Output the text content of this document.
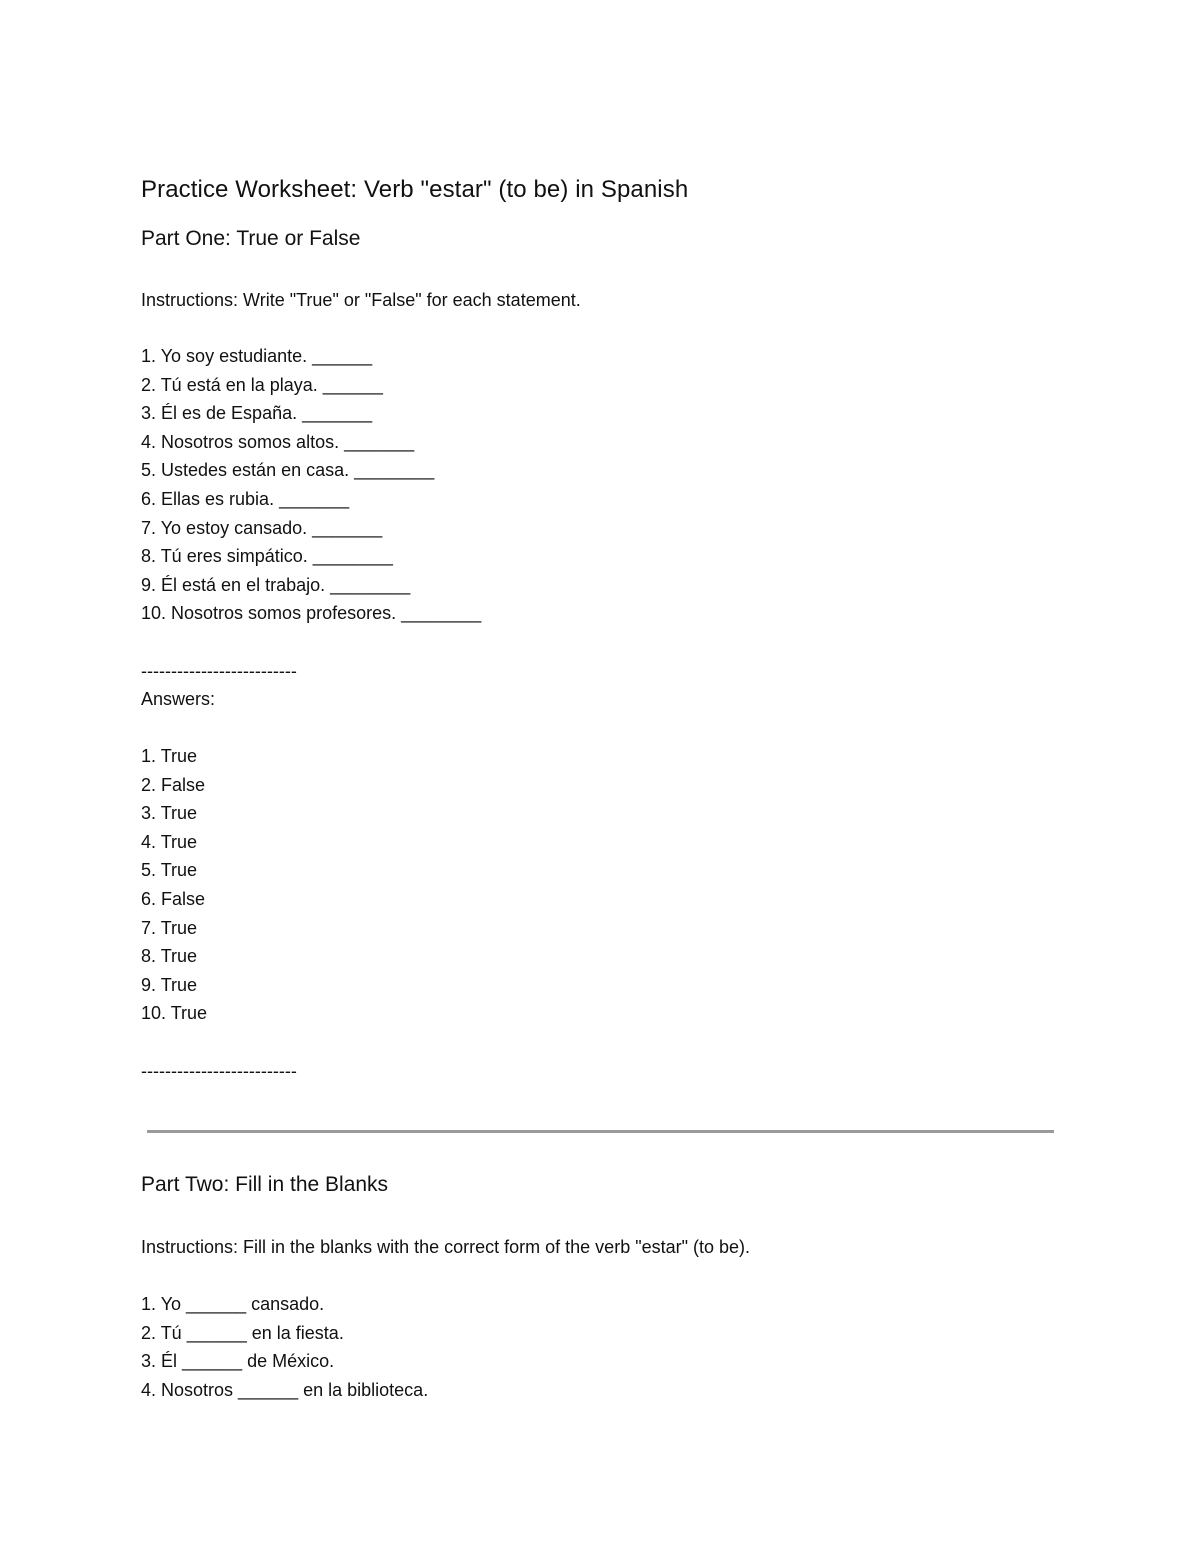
Practice Worksheet: Verb "estar" (to be) in Spanish
Part One: True or False

Instructions: Write "True" or "False" for each statement.

1. Yo soy estudiante. ______
2. Tú está en la playa. ______
3. Él es de España. _______
4. Nosotros somos altos. _______
5. Ustedes están en casa. ________
6. Ellas es rubia. _______
7. Yo estoy cansado. _______
8. Tú eres simpático. ________
9. Él está en el trabajo. ________
10. Nosotros somos profesores. ________

--------------------------

Answers:

1. True
2. False
3. True
4. True
5. True
6. False
7. True
8. True
9. True
10. True

--------------------------

Part Two: Fill in the Blanks

Instructions: Fill in the blanks with the correct form of the verb "estar" (to be).

1. Yo ______ cansado.
2. Tú ______ en la fiesta.
3. Él ______ de México.
4. Nosotros ______ en la biblioteca.
